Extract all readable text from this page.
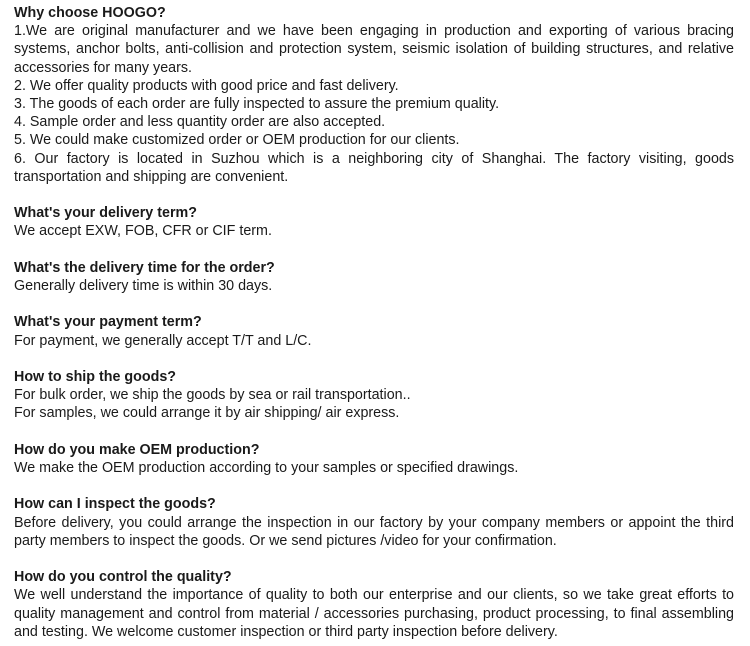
Why choose HOOGO?

1.We are original manufacturer and we have been engaging in production and exporting of various bracing systems, anchor bolts, anti-collision and protection system, seismic isolation of building structures, and relative accessories for many years.

2. We offer quality products with good price and fast delivery.

3. The goods of each order are fully inspected to assure the premium quality.

4. Sample order and less quantity order are also accepted.

5. We could make customized order or OEM production for our clients.

6. Our factory is located in Suzhou which is a neighboring city of Shanghai. The factory visiting, goods transportation and shipping are convenient.

What's your delivery term?

We accept EXW, FOB, CFR or CIF term.

What's the delivery time for the order?

Generally delivery time is within 30 days.

What's your payment term?

For payment, we generally accept T/T and L/C.

How to ship the goods?

For bulk order, we ship the goods by sea or rail transportation..

For samples, we could arrange it by air shipping/ air express.

How do you make OEM production?

We make the OEM production according to your samples or specified drawings.

How can I inspect the goods?

Before delivery, you could arrange the inspection in our factory by your company members or appoint the third party members to inspect the goods. Or we send pictures /video for your confirmation.

How do you control the quality?

We well understand the importance of quality to both our enterprise and our clients, so we take great efforts to quality management and control from material / accessories purchasing, product processing, to final assembling and testing. We welcome customer inspection or third party inspection before delivery.
